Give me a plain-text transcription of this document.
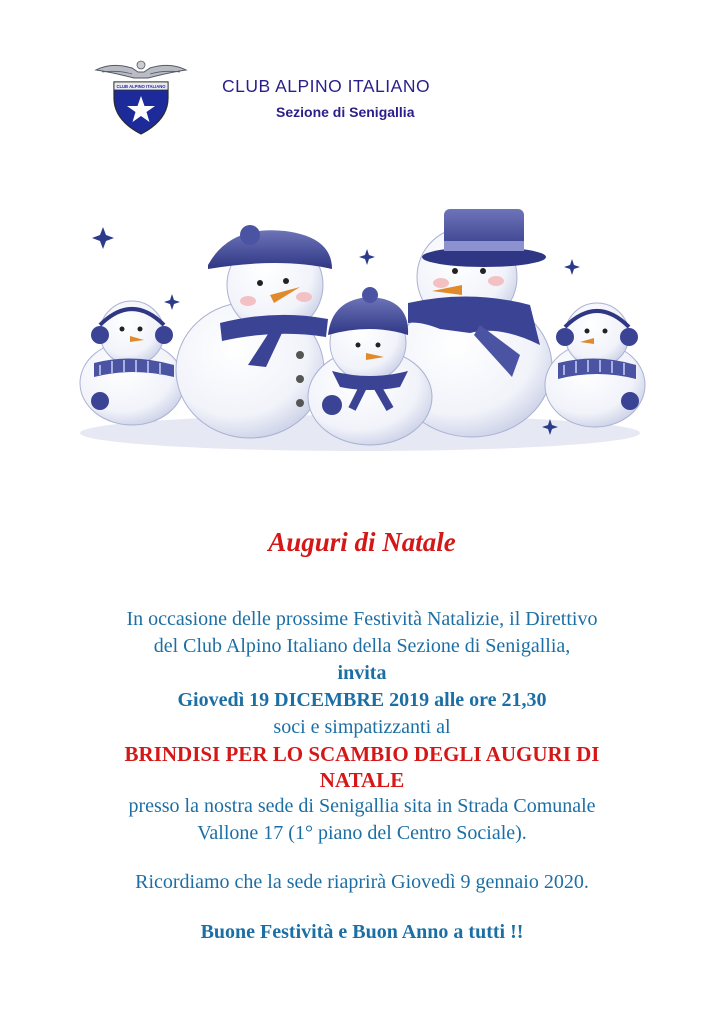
CLUB ALPINO ITALIANO	CLUB ALPINO ITALIANO
Sezione di Senigallia
Auguri di Natale

In occasione delle prossime Festività Natalizie, il Direttivo

del Club Alpino Italiano della Sezione di Senigallia,

invita

Giovedì 19 DICEMBRE 2019 alle ore 21,30

soci e simpatizzanti al

BRINDISI PER LO SCAMBIO DEGLI AUGURI DI

NATALE

presso la nostra sede di Senigallia sita in Strada Comunale

Vallone 17 (1° piano del Centro Sociale).

Ricordiamo che la sede riaprirà Giovedì 9 gennaio 2020.

Buone Festività e Buon Anno a tutti !!
